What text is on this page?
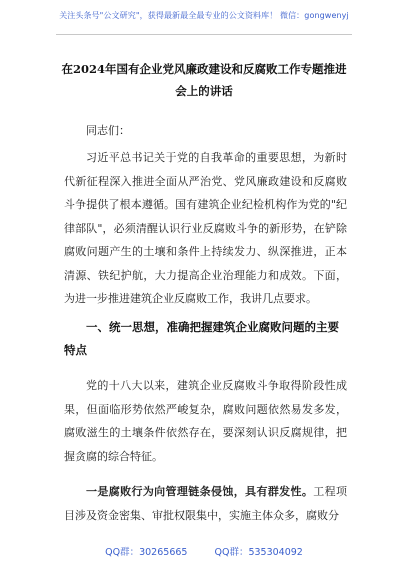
关注头条号"公文研究"，获得最新最全最专业的公文资料库！ 微信：gongwenyj
在2024年国有企业党风廉政建设和反腐败工作专题推进会上的讲话
同志们：

习近平总书记关于党的自我革命的重要思想，为新时代新征程深入推进全面从严治党、党风廉政建设和反腐败斗争提供了根本遵循。国有建筑企业纪检机构作为党的"纪律部队"，必须清醒认识行业反腐败斗争的新形势，在铲除腐败问题产生的土壤和条件上持续发力、纵深推进，正本清源、铁纪护航，大力提高企业治理能力和成效。下面，为进一步推进建筑企业反腐败工作，我讲几点要求。

一、统一思想，准确把握建筑企业腐败问题的主要特点

党的十八大以来，建筑企业反腐败斗争取得阶段性成果，但面临形势依然严峻复杂，腐败问题依然易发多发，腐败滋生的土壤条件依然存在，要深刻认识反腐规律，把握贪腐的综合特征。

一是腐败行为向管理链条侵蚀，具有群发性。工程项目涉及资金密集、审批权限集中，实施主体众多，腐败分

QQ群：30265665	QQ群：535304092
